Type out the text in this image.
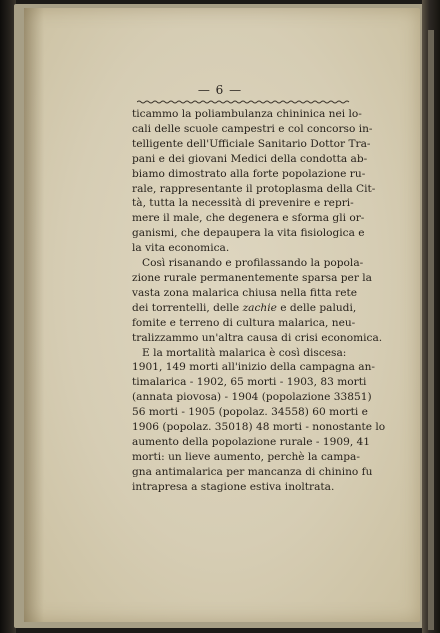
— 6 —
ticammo la poliambulanza chininica nei lo-
cali delle scuole campestri e col concorso in-
telligente dell'Ufficiale Sanitario Dottor Tra-
pani e dei giovani Medici della condotta ab-
biamo dimostrato alla forte popolazione ru-
rale, rappresentante il protoplasma della Cit-
tà, tutta la necessità di prevenire e repri-
mere il male, che degenera e sforma gli or-
ganismi, che depaupera la vita fisiologica e
la vita economica.
Così risanando e profilassando la popola-
zione rurale permanentemente sparsa per la
vasta zona malarica chiusa nella fitta rete
dei torrentelli, delle zachie e delle paludi,
fomite e terreno di cultura malarica, neu-
tralizzammo un'altra causa di crisi economica.
E la mortalità malarica è così discesa:
1901, 149 morti all'inizio della campagna an-
timalarica - 1902, 65 morti - 1903, 83 morti
(annata piovosa) - 1904 (popolazione 33851)
56 morti - 1905 (popolaz. 34558) 60 morti e
1906 (popolaz. 35018) 48 morti - nonostante lo
aumento della popolazione rurale - 1909, 41
morti: un lieve aumento, perchè la campa-
gna antimalarica per mancanza di chinino fu
intrapresa a stagione estiva inoltrata.
